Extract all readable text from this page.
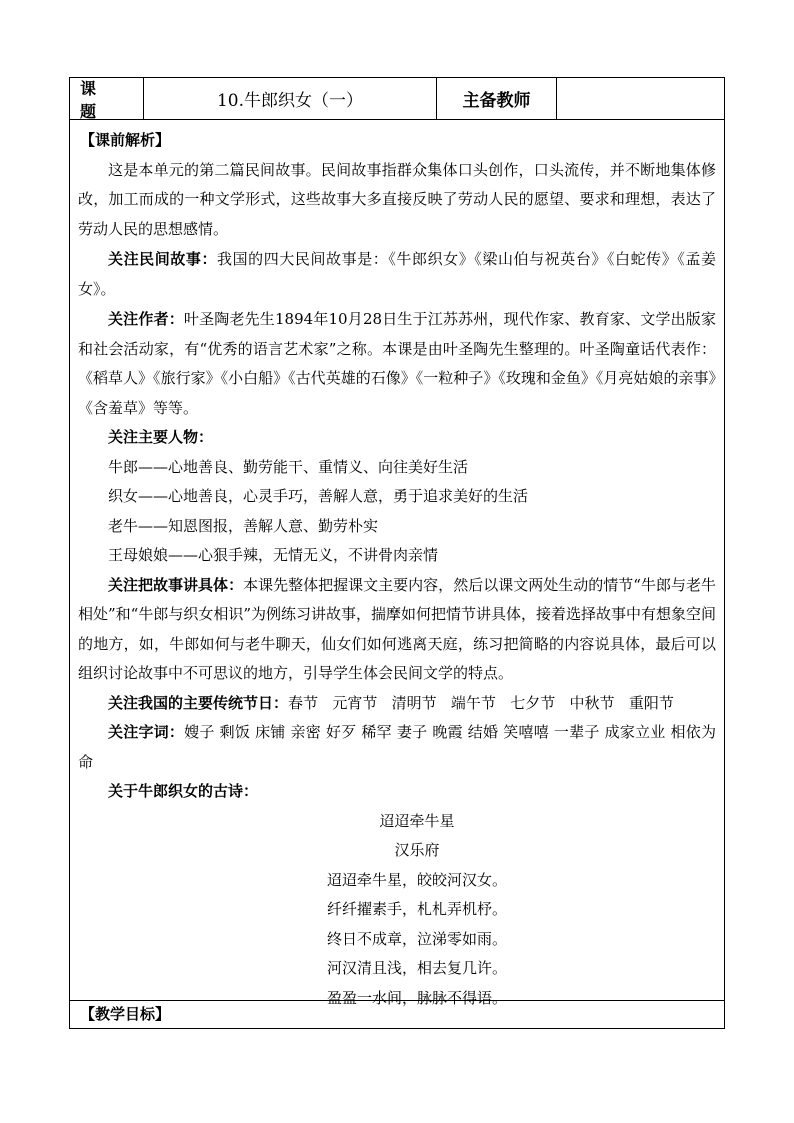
课 题	10.牛郎织女（一）	主备教师
【课前解析】

这是本单元的第二篇民间故事。民间故事指群众集体口头创作，口头流传，并不断地集体修改，加工而成的一种文学形式，这些故事大多直接反映了劳动人民的愿望、要求和理想，表达了劳动人民的思想感情。

关注民间故事：我国的四大民间故事是：《牛郎织女》《梁山伯与祝英台》《白蛇传》《孟姜女》。

关注作者：叶圣陶老先生1894年10月28日生于江苏苏州，现代作家、教育家、文学出版家和社会活动家，有“优秀的语言艺术家”之称。本课是由叶圣陶先生整理的。叶圣陶童话代表作：《稻草人》《旅行家》《小白船》《古代英雄的石像》《一粒种子》《玫瑰和金鱼》《月亮姑娘的亲事》《含羞草》等等。

关注主要人物：

牛郎——心地善良、勤劳能干、重情义、向往美好生活

织女——心地善良，心灵手巧，善解人意，勇于追求美好的生活

老牛——知恩图报，善解人意、勤劳朴实

王母娘娘——心狠手辣，无情无义，不讲骨肉亲情

关注把故事讲具体：本课先整体把握课文主要内容，然后以课文两处生动的情节“牛郎与老牛相处”和“牛郎与织女相识”为例练习讲故事，揣摩如何把情节讲具体，接着选择故事中有想象空间的地方，如，牛郎如何与老牛聊天，仙女们如何逃离天庭，练习把简略的内容说具体，最后可以组织讨论故事中不可思议的地方，引导学生体会民间文学的特点。

关注我国的主要传统节日：春节   元宵节   清明节   端午节   七夕节   中秋节   重阳节

关注字词：嫂子 剩饭 床铺 亲密 好歹 稀罕 妻子 晚霞 结婚 笑嘻嘻 一辈子 成家立业 相依为命

关于牛郎织女的古诗：

迢迢牵牛星

汉乐府

迢迢牵牛星，皎皎河汉女。

纤纤擢素手，札札弄机杼。

终日不成章，泣涕零如雨。

河汉清且浅，相去复几许。

盈盈一水间，脉脉不得语。

【教学目标】
